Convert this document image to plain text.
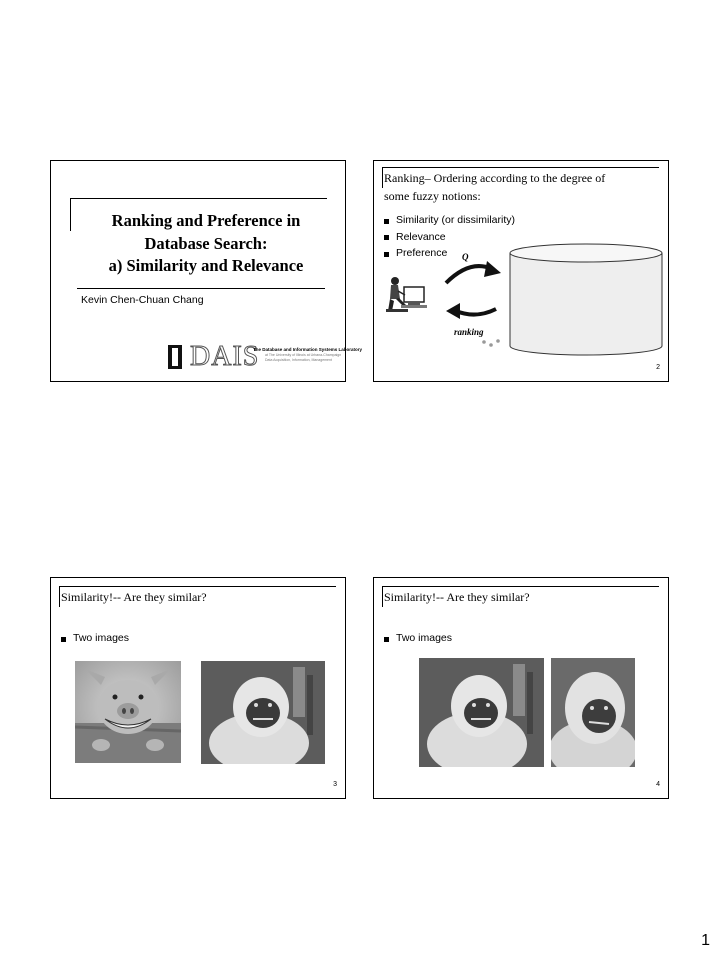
Ranking and Preference in
Database Search:
a) Similarity and Relevance
Kevin Chen-Chuan Chang
DAIS
The Database and Information Systems Laboratory
at The University of Illinois at Urbana-Champaign
Data Acquisition, Information, Management
Ranking– Ordering according to the degree of
some fuzzy notions:
Similarity (or dissimilarity)
Relevance
Preference	Q
ranking
2
Similarity!-- Are they similar?
Two images
3
Similarity!-- Are they similar?
Two images
4
1
